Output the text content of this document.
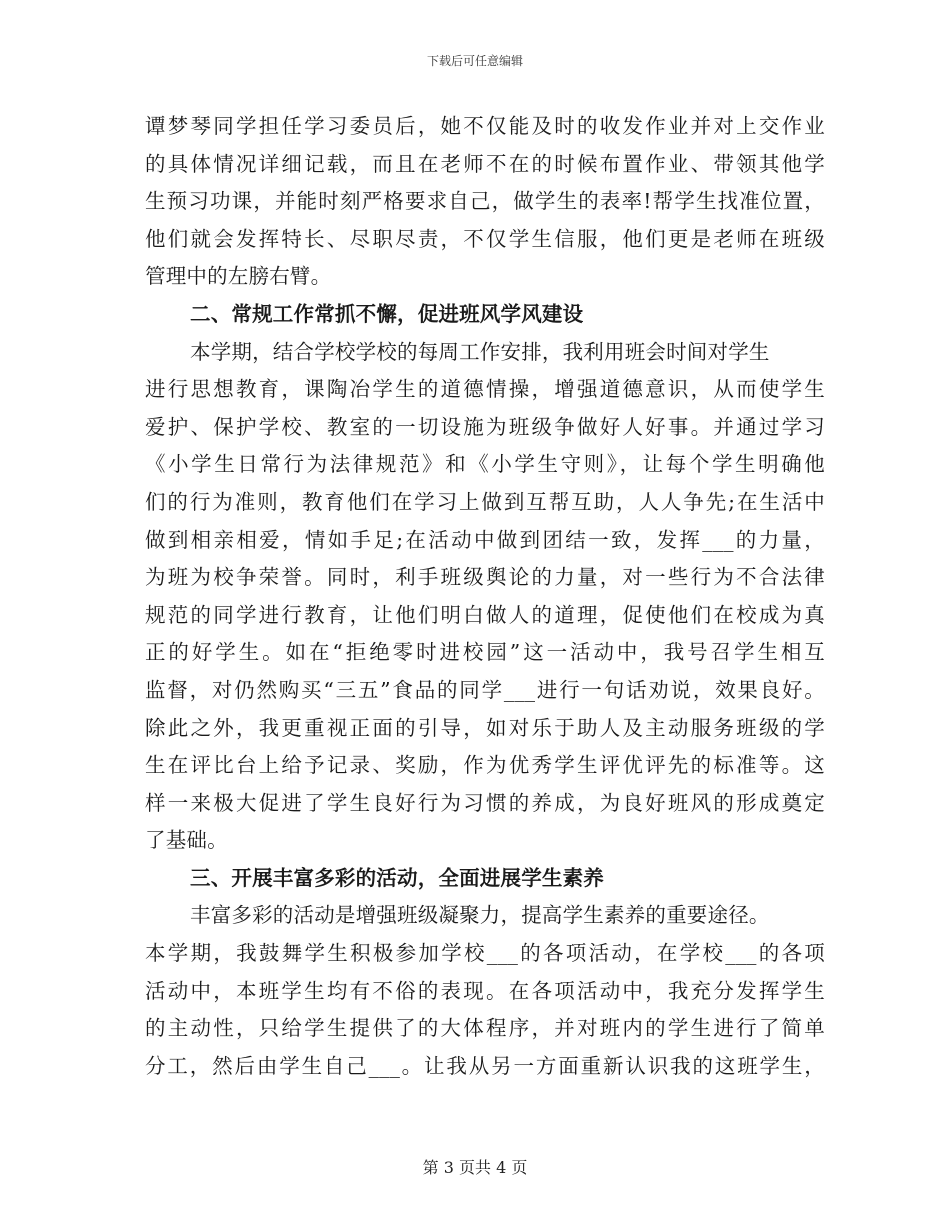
下载后可任意编辑
谭梦琴同学担任学习委员后，她不仅能及时的收发作业并对上交作业
的具体情况详细记载，而且在老师不在的时候布置作业、带领其他学
生预习功课，并能时刻严格要求自己，做学生的表率!帮学生找准位置，
他们就会发挥特长、尽职尽责，不仅学生信服，他们更是老师在班级
管理中的左膀右臂。
二、常规工作常抓不懈，促进班风学风建设
本学期，结合学校学校的每周工作安排，我利用班会时间对学生
进行思想教育，课陶冶学生的道德情操，增强道德意识，从而使学生
爱护、保护学校、教室的一切设施为班级争做好人好事。并通过学习
《小学生日常行为法律规范》和《小学生守则》，让每个学生明确他
们的行为准则，教育他们在学习上做到互帮互助，人人争先;在生活中
做到相亲相爱，情如手足;在活动中做到团结一致，发挥___的力量，
为班为校争荣誉。同时，利手班级舆论的力量，对一些行为不合法律
规范的同学进行教育，让他们明白做人的道理，促使他们在校成为真
正的好学生。如在“拒绝零时进校园”这一活动中，我号召学生相互
监督，对仍然购买“三五”食品的同学___进行一句话劝说，效果良好。
除此之外，我更重视正面的引导，如对乐于助人及主动服务班级的学
生在评比台上给予记录、奖励，作为优秀学生评优评先的标准等。这
样一来极大促进了学生良好行为习惯的养成，为良好班风的形成奠定
了基础。
三、开展丰富多彩的活动，全面进展学生素养
丰富多彩的活动是增强班级凝聚力，提高学生素养的重要途径。
本学期，我鼓舞学生积极参加学校___的各项活动，在学校___的各项
活动中，本班学生均有不俗的表现。在各项活动中，我充分发挥学生
的主动性，只给学生提供了的大体程序，并对班内的学生进行了简单
分工，然后由学生自己___。让我从另一方面重新认识我的这班学生，
第 3 页共 4 页
